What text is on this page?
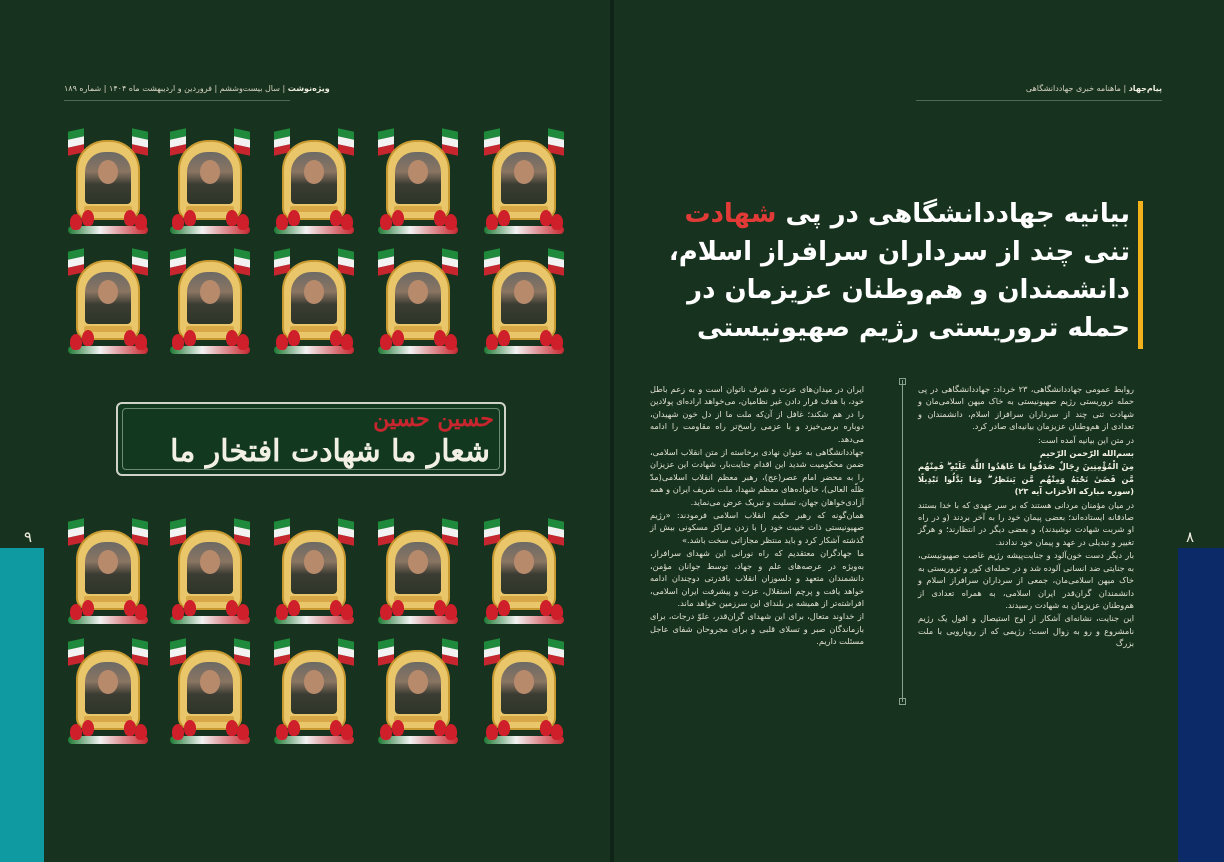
ویژه‌نوشت | سال بیست‌وششم | فروردین و اردیبهشت ماه ۱۴۰۴ | شماره ۱۸۹	پیام‌جهاد | ماهنامه خبری جهاددانشگاهی
۹	۸
حسین حسین
شعار ما شهادت افتخار ما
بیانیه جهاددانشگاهی در پی شهادت تنی چند از سرداران سرافراز اسلام، دانشمندان و هم‌وطنان عزیزمان در حمله تروریستی رژیم صهیونیستی

روابط عمومی جهاددانشگاهی، ۲۳ خرداد: جهاددانشگاهی در پی حمله تروریستی رژیم صهیونیستی به خاک میهن اسلامی‌مان و شهادت تنی چند از سرداران سرافراز اسلام، دانشمندان و تعدادی از هم‌وطنان عزیزمان بیانیه‌ای صادر کرد.

در متن این بیانیه آمده است:

بسم‌الله الرّحمن الرّحیم

مِنَ الْمُؤْمِنِینَ رِجَالٌ صَدَقُوا مَا عَاهَدُوا اللَّهَ عَلَیْهِ ۖ فَمِنْهُم مَّن قَضَیٰ نَحْبَهُ وَمِنْهُم مَّن یَنتَظِرُ ۖ وَمَا بَدَّلُوا تَبْدِیلًا (سوره مبارکه الأحزاب آیه ۲۳)

در میان مؤمنان مردانی هستند که بر سر عهدی که با خدا بستند صادقانه ایستاده‌اند؛ بعضی پیمان خود را به آخر بردند (و در راه او شربت شهادت نوشیدند)، و بعضی دیگر در انتظارند؛ و هرگز تغییر و تبدیلی در عهد و پیمان خود ندادند.

بار دیگر دست خون‌آلود و جنایت‌پیشه رژیم غاصب صهیونیستی، به جنایتی ضد انسانی آلوده شد و در حمله‌ای کور و تروریستی به خاک میهن اسلامی‌مان، جمعی از سرداران سرافراز اسلام و دانشمندان گران‌قدر ایران اسلامی، به همراه تعدادی از هم‌وطنان عزیزمان به شهادت رسیدند.

این جنایت، نشانه‌ای آشکار از اوج استیصال و افول یک رژیم نامشروع و رو به زوال است؛ رژیمی که از رویارویی با ملت بزرگ

ایران در میدان‌های عزت و شرف ناتوان است و به زعم باطل خود، با هدف قرار دادن غیر نظامیان، می‌خواهد اراده‌ای پولادین را در هم شکند؛ غافل از آن‌که ملت ما از دل خون شهیدان، دوباره برمی‌خیزد و با عزمی راسخ‌تر راه مقاومت را ادامه می‌دهد.

جهاددانشگاهی به عنوان نهادی برخاسته از متن انقلاب اسلامی، ضمن محکومیت شدید این اقدام جنایت‌بار، شهادت این عزیزان را به محضر امام عصر(عج)، رهبر معظم انقلاب اسلامی(مدّ ظلّه العالی)، خانواده‌های معظم شهدا، ملت شریف ایران و همه آزادی‌خواهان جهان، تسلیت و تبریک عرض می‌نماید.

همان‌گونه که رهبر حکیم انقلاب اسلامی فرمودند: «رژیم صهیونیستی ذات خبیث خود را با زدن مراکز مسکونی بیش از گذشته آشکار کرد و باید منتظر مجازاتی سخت باشد.»

ما جهادگران معتقدیم که راه نورانی این شهدای سرافراز، به‌ویژه در عرصه‌های علم و جهاد، توسط جوانان مؤمن، دانشمندان متعهد و دلسوزان انقلاب باقدرتی دوچندان ادامه خواهد یافت و پرچم استقلال، عزت و پیشرفت ایران اسلامی، افراشته‌تر از همیشه بر بلندای این سرزمین خواهد ماند.

از خداوند متعال، برای این شهدای گران‌قدر، علوّ درجات، برای بازماندگان صبر و تسلای قلبی و برای مجروحان شفای عاجل مسئلت داریم.
